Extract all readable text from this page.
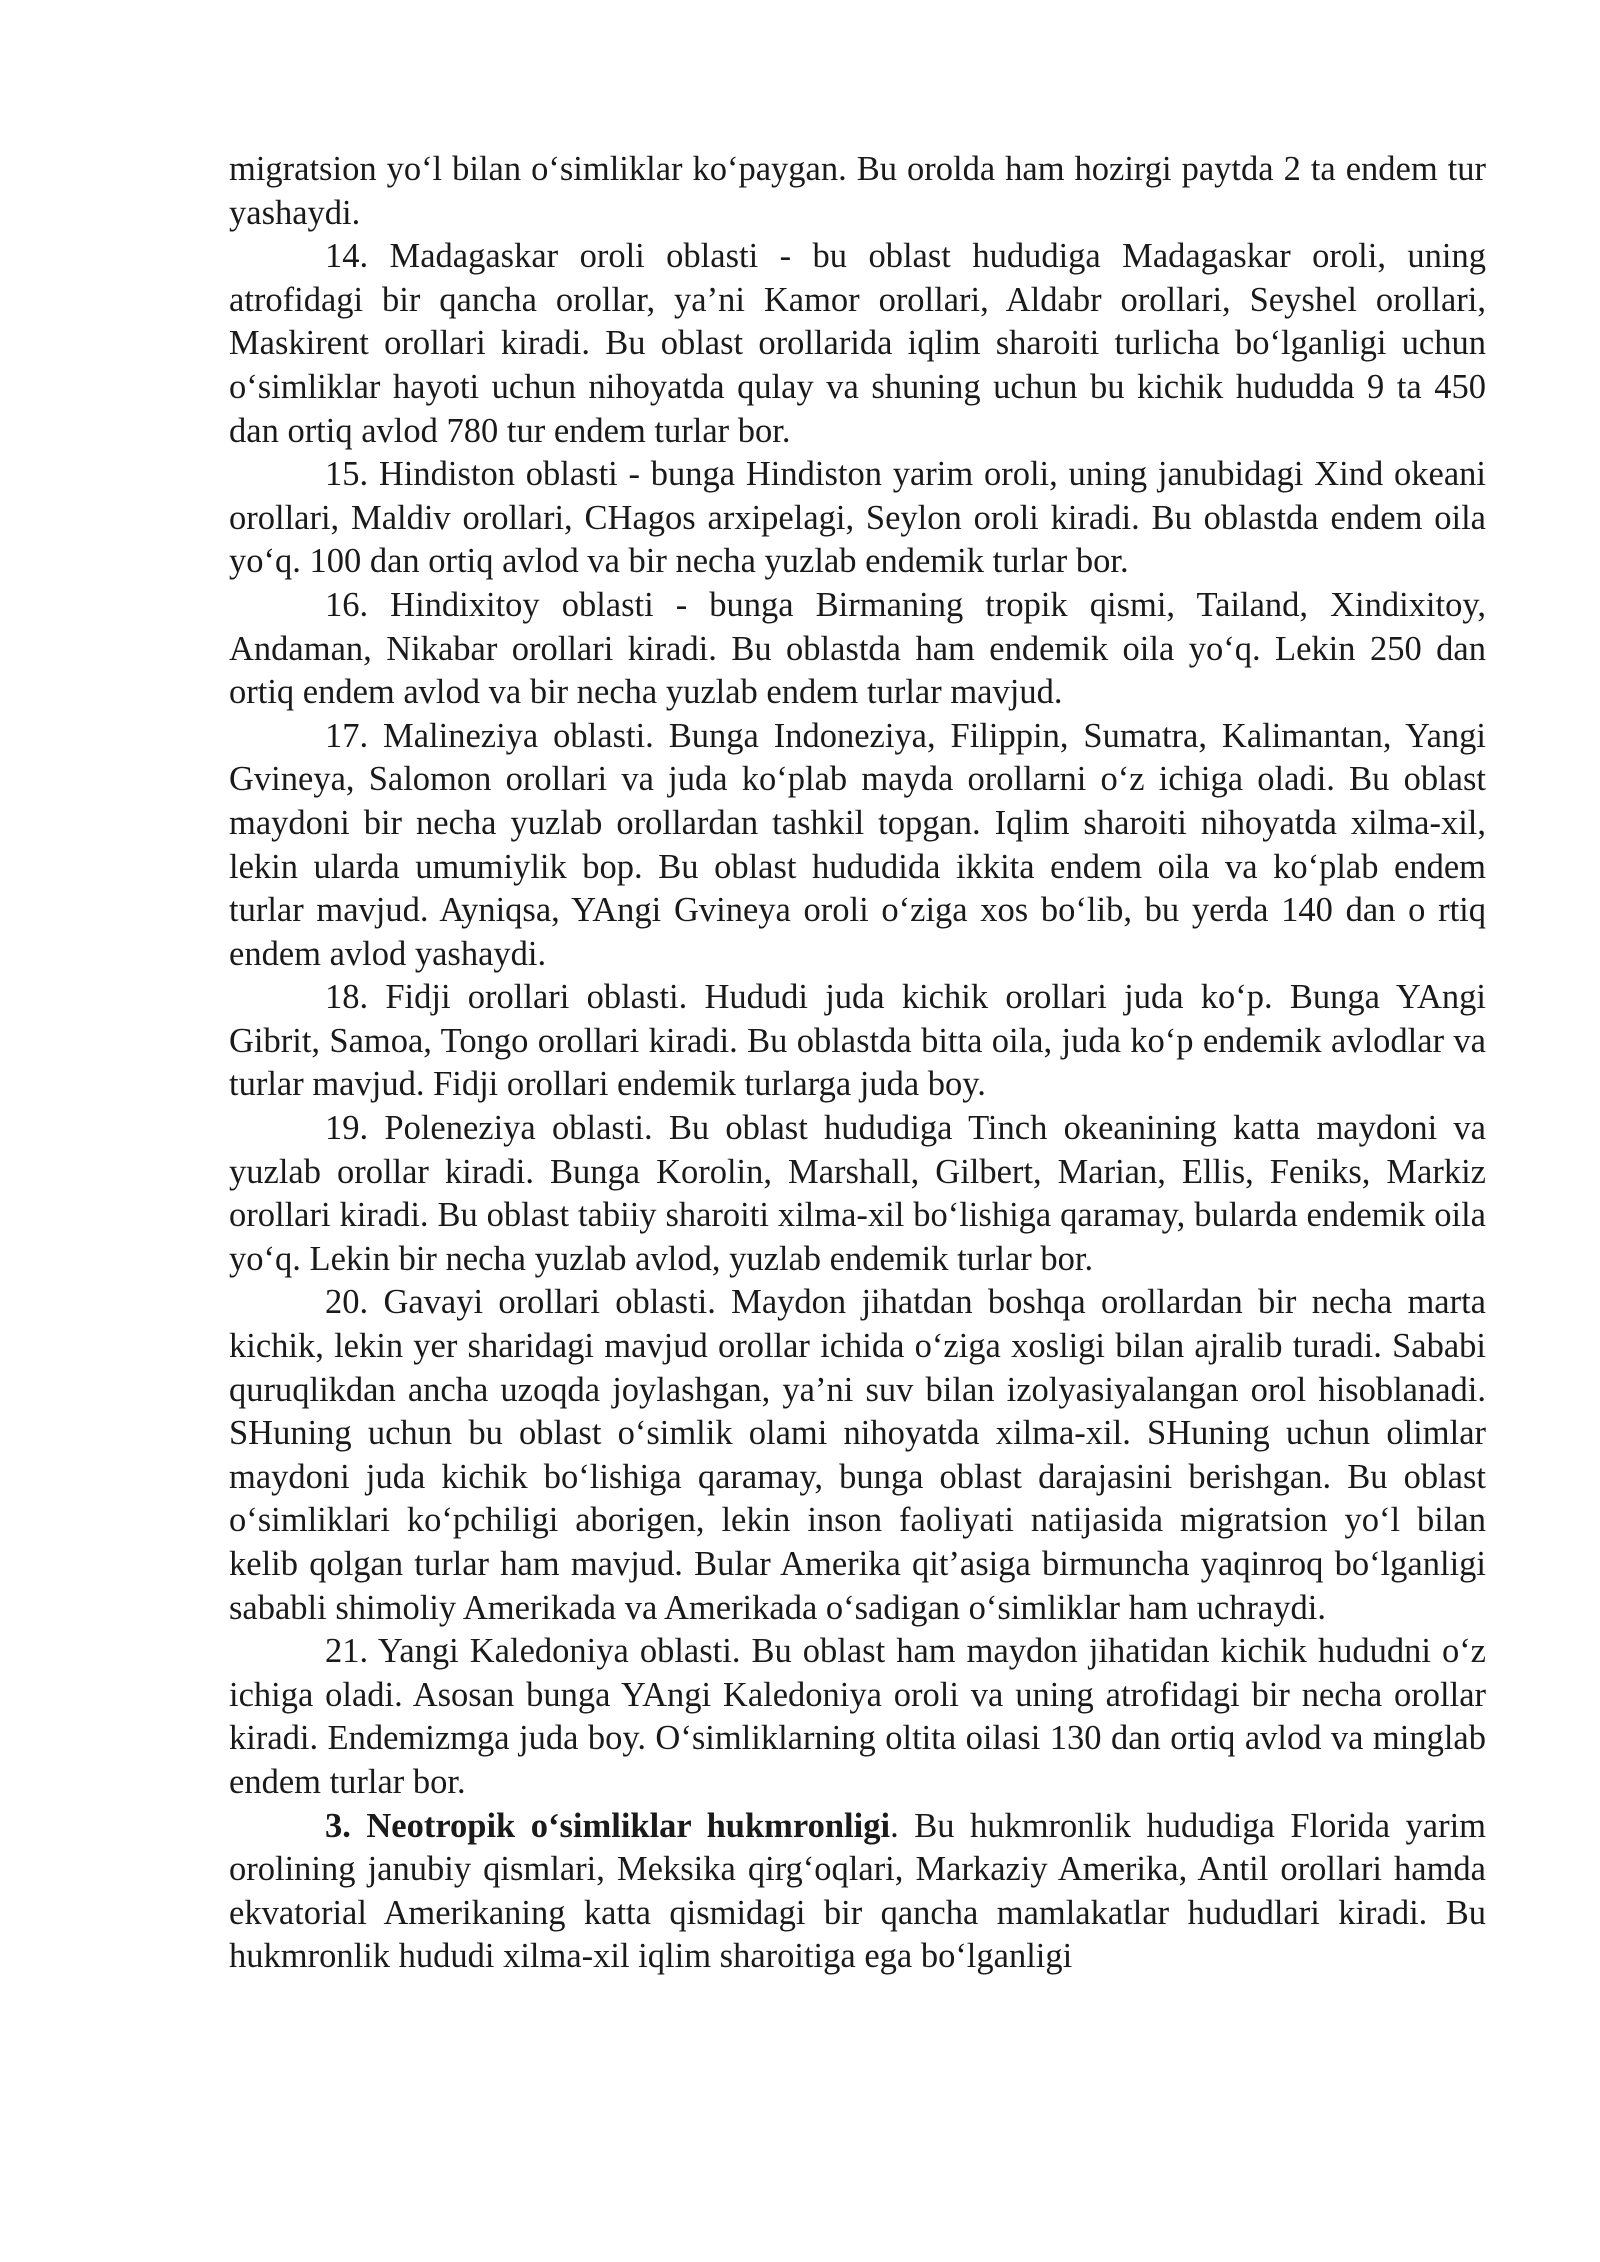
migratsion yo‘l bilan o‘simliklar ko‘paygan. Bu orolda ham hozirgi paytda 2 ta endem tur yashaydi.

14. Madagaskar oroli oblasti - bu oblast hududiga Madagaskar oroli, uning atrofidagi bir qancha orollar, ya’ni Kamor orollari, Aldabr orollari, Seyshel orollari, Maskirent orollari kiradi. Bu oblast orollarida iqlim sharoiti turlicha bo‘lganligi uchun o‘simliklar hayoti uchun nihoyatda qulay va shuning uchun bu kichik hududda 9 ta 450 dan ortiq avlod 780 tur endem turlar bor.

15. Hindiston oblasti - bunga Hindiston yarim oroli, uning janubidagi Xind okeani orollari, Maldiv orollari, CHagos arxipelagi, Seylon oroli kiradi. Bu oblastda endem oila yo‘q. 100 dan ortiq avlod va bir necha yuzlab endemik turlar bor.

16. Hindixitoy oblasti - bunga Birmaning tropik qismi, Tailand, Xindixitoy, Andaman, Nikabar orollari kiradi. Bu oblastda ham endemik oila yo‘q. Lekin 250 dan ortiq endem avlod va bir necha yuzlab endem turlar mavjud.

17. Malineziya oblasti. Bunga Indoneziya, Filippin, Sumatra, Kalimantan, Yangi Gvineya, Salomon orollari va juda ko‘plab mayda orollarni o‘z ichiga oladi. Bu oblast maydoni bir necha yuzlab orollardan tashkil topgan. Iqlim sharoiti nihoyatda xilma-xil, lekin ularda umumiylik bop. Bu oblast hududida ikkita endem oila va ko‘plab endem turlar mavjud. Ayniqsa, YAngi Gvineya oroli o‘ziga xos bo‘lib, bu yerda 140 dan o rtiq endem avlod yashaydi.

18. Fidji orollari oblasti. Hududi juda kichik orollari juda ko‘p. Bunga YAngi Gibrit, Samoa, Tongo orollari kiradi. Bu oblastda bitta oila, juda ko‘p endemik avlodlar va turlar mavjud. Fidji orollari endemik turlarga juda boy.

19. Poleneziya oblasti. Bu oblast hududiga Tinch okeanining katta maydoni va yuzlab orollar kiradi. Bunga Korolin, Marshall, Gilbert, Marian, Ellis, Feniks, Markiz orollari kiradi. Bu oblast tabiiy sharoiti xilma-xil bo‘lishiga qaramay, bularda endemik oila yo‘q. Lekin bir necha yuzlab avlod, yuzlab endemik turlar bor.

20. Gavayi orollari oblasti. Maydon jihatdan boshqa orollardan bir necha marta kichik, lekin yer sharidagi mavjud orollar ichida o‘ziga xosligi bilan ajralib turadi. Sababi quruqlikdan ancha uzoqda joylashgan, ya’ni suv bilan izolyasiyalangan orol hisoblanadi. SHuning uchun bu oblast o‘simlik olami nihoyatda xilma-xil. SHuning uchun olimlar maydoni juda kichik bo‘lishiga qaramay, bunga oblast darajasini berishgan. Bu oblast o‘simliklari ko‘pchiligi aborigen, lekin inson faoliyati natijasida migratsion yo‘l bilan kelib qolgan turlar ham mavjud. Bular Amerika qit’asiga birmuncha yaqinroq bo‘lganligi sababli shimoliy Amerikada va Amerikada o‘sadigan o‘simliklar ham uchraydi.

21. Yangi Kaledoniya oblasti. Bu oblast ham maydon jihatidan kichik hududni o‘z ichiga oladi. Asosan bunga YAngi Kaledoniya oroli va uning atrofidagi bir necha orollar kiradi. Endemizmga juda boy. O‘simliklarning oltita oilasi 130 dan ortiq avlod va minglab endem turlar bor.

3. Neotropik o‘simliklar hukmronligi. Bu hukmronlik hududiga Florida yarim orolining janubiy qismlari, Meksika qirg‘oqlari, Markaziy Amerika, Antil orollari hamda ekvatorial Amerikaning katta qismidagi bir qancha mamlakatlar hududlari kiradi. Bu hukmronlik hududi xilma-xil iqlim sharoitiga ega bo‘lganligi
